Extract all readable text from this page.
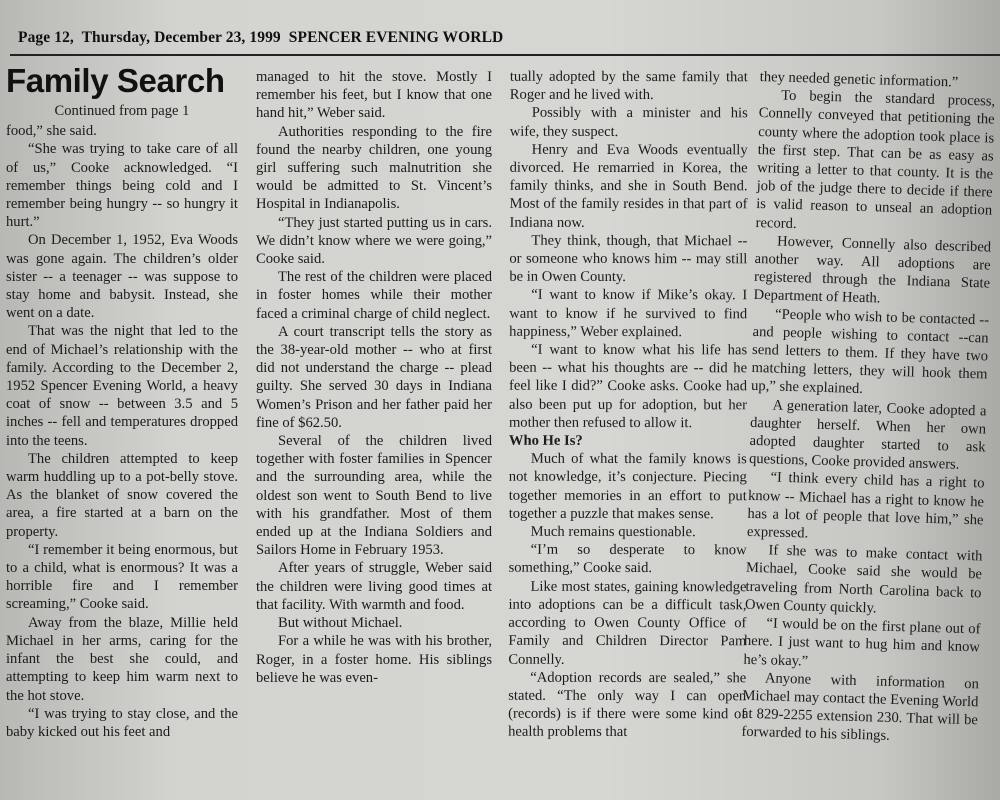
Page 12, Thursday, December 23, 1999 SPENCER EVENING WORLD
Family Search

Continued from page 1

food,” she said.

“She was trying to take care of all of us,” Cooke acknowledged. “I remember things being cold and I remember being hungry -- so hungry it hurt.”

On December 1, 1952, Eva Woods was gone again. The children’s older sister -- a teenager -- was suppose to stay home and babysit. Instead, she went on a date.

That was the night that led to the end of Michael’s relationship with the family. According to the December 2, 1952 Spencer Evening World, a heavy coat of snow -- between 3.5 and 5 inches -- fell and temperatures dropped into the teens.

The children attempted to keep warm huddling up to a pot-belly stove. As the blanket of snow covered the area, a fire started at a barn on the property.

“I remember it being enormous, but to a child, what is enormous? It was a horrible fire and I remember screaming,” Cooke said.

Away from the blaze, Millie held Michael in her arms, caring for the infant the best she could, and attempting to keep him warm next to the hot stove.

“I was trying to stay close, and the baby kicked out his feet and

managed to hit the stove. Mostly I remember his feet, but I know that one hand hit,” Weber said.

Authorities responding to the fire found the nearby children, one young girl suffering such malnutrition she would be admitted to St. Vincent’s Hospital in Indianapolis.

“They just started putting us in cars. We didn’t know where we were going,” Cooke said.

The rest of the children were placed in foster homes while their mother faced a criminal charge of child neglect.

A court transcript tells the story as the 38-year-old mother -- who at first did not understand the charge -- plead guilty. She served 30 days in Indiana Women’s Prison and her father paid her fine of $62.50.

Several of the children lived together with foster families in Spencer and the surrounding area, while the oldest son went to South Bend to live with his grandfather. Most of them ended up at the Indiana Soldiers and Sailors Home in February 1953.

After years of struggle, Weber said the children were living good times at that facility. With warmth and food.

But without Michael.

For a while he was with his brother, Roger, in a foster home. His siblings believe he was even-

tually adopted by the same family that Roger and he lived with.

Possibly with a minister and his wife, they suspect.

Henry and Eva Woods eventually divorced. He remarried in Korea, the family thinks, and she in South Bend. Most of the family resides in that part of Indiana now.

They think, though, that Michael -- or someone who knows him -- may still be in Owen County.

“I want to know if Mike’s okay. I want to know if he survived to find happiness,” Weber explained.

“I want to know what his life has been -- what his thoughts are -- did he feel like I did?” Cooke asks. Cooke had also been put up for adoption, but her mother then refused to allow it.

Who He Is?

Much of what the family knows is not knowledge, it’s conjecture. Piecing together memories in an effort to put together a puzzle that makes sense.

Much remains questionable.

“I’m so desperate to know something,” Cooke said.

Like most states, gaining knowledge into adoptions can be a difficult task, according to Owen County Office of Family and Children Director Pam Connelly.

“Adoption records are sealed,” she stated. “The only way I can open (records) is if there were some kind of health problems that

they needed genetic information.”

To begin the standard process, Connelly conveyed that petitioning the county where the adoption took place is the first step. That can be as easy as writing a letter to that county. It is the job of the judge there to decide if there is valid reason to unseal an adoption record.

However, Connelly also described another way. All adoptions are registered through the Indiana State Department of Heath.

“People who wish to be contacted -- and people wishing to contact --can send letters to them. If they have two matching letters, they will hook them up,” she explained.

A generation later, Cooke adopted a daughter herself. When her own adopted daughter started to ask questions, Cooke provided answers.

“I think every child has a right to know -- Michael has a right to know he has a lot of people that love him,” she expressed.

If she was to make contact with Michael, Cooke said she would be traveling from North Carolina back to Owen County quickly.

“I would be on the first plane out of here. I just want to hug him and know he’s okay.”

Anyone with information on Michael may contact the Evening World at 829-2255 extension 230. That will be forwarded to his siblings.
